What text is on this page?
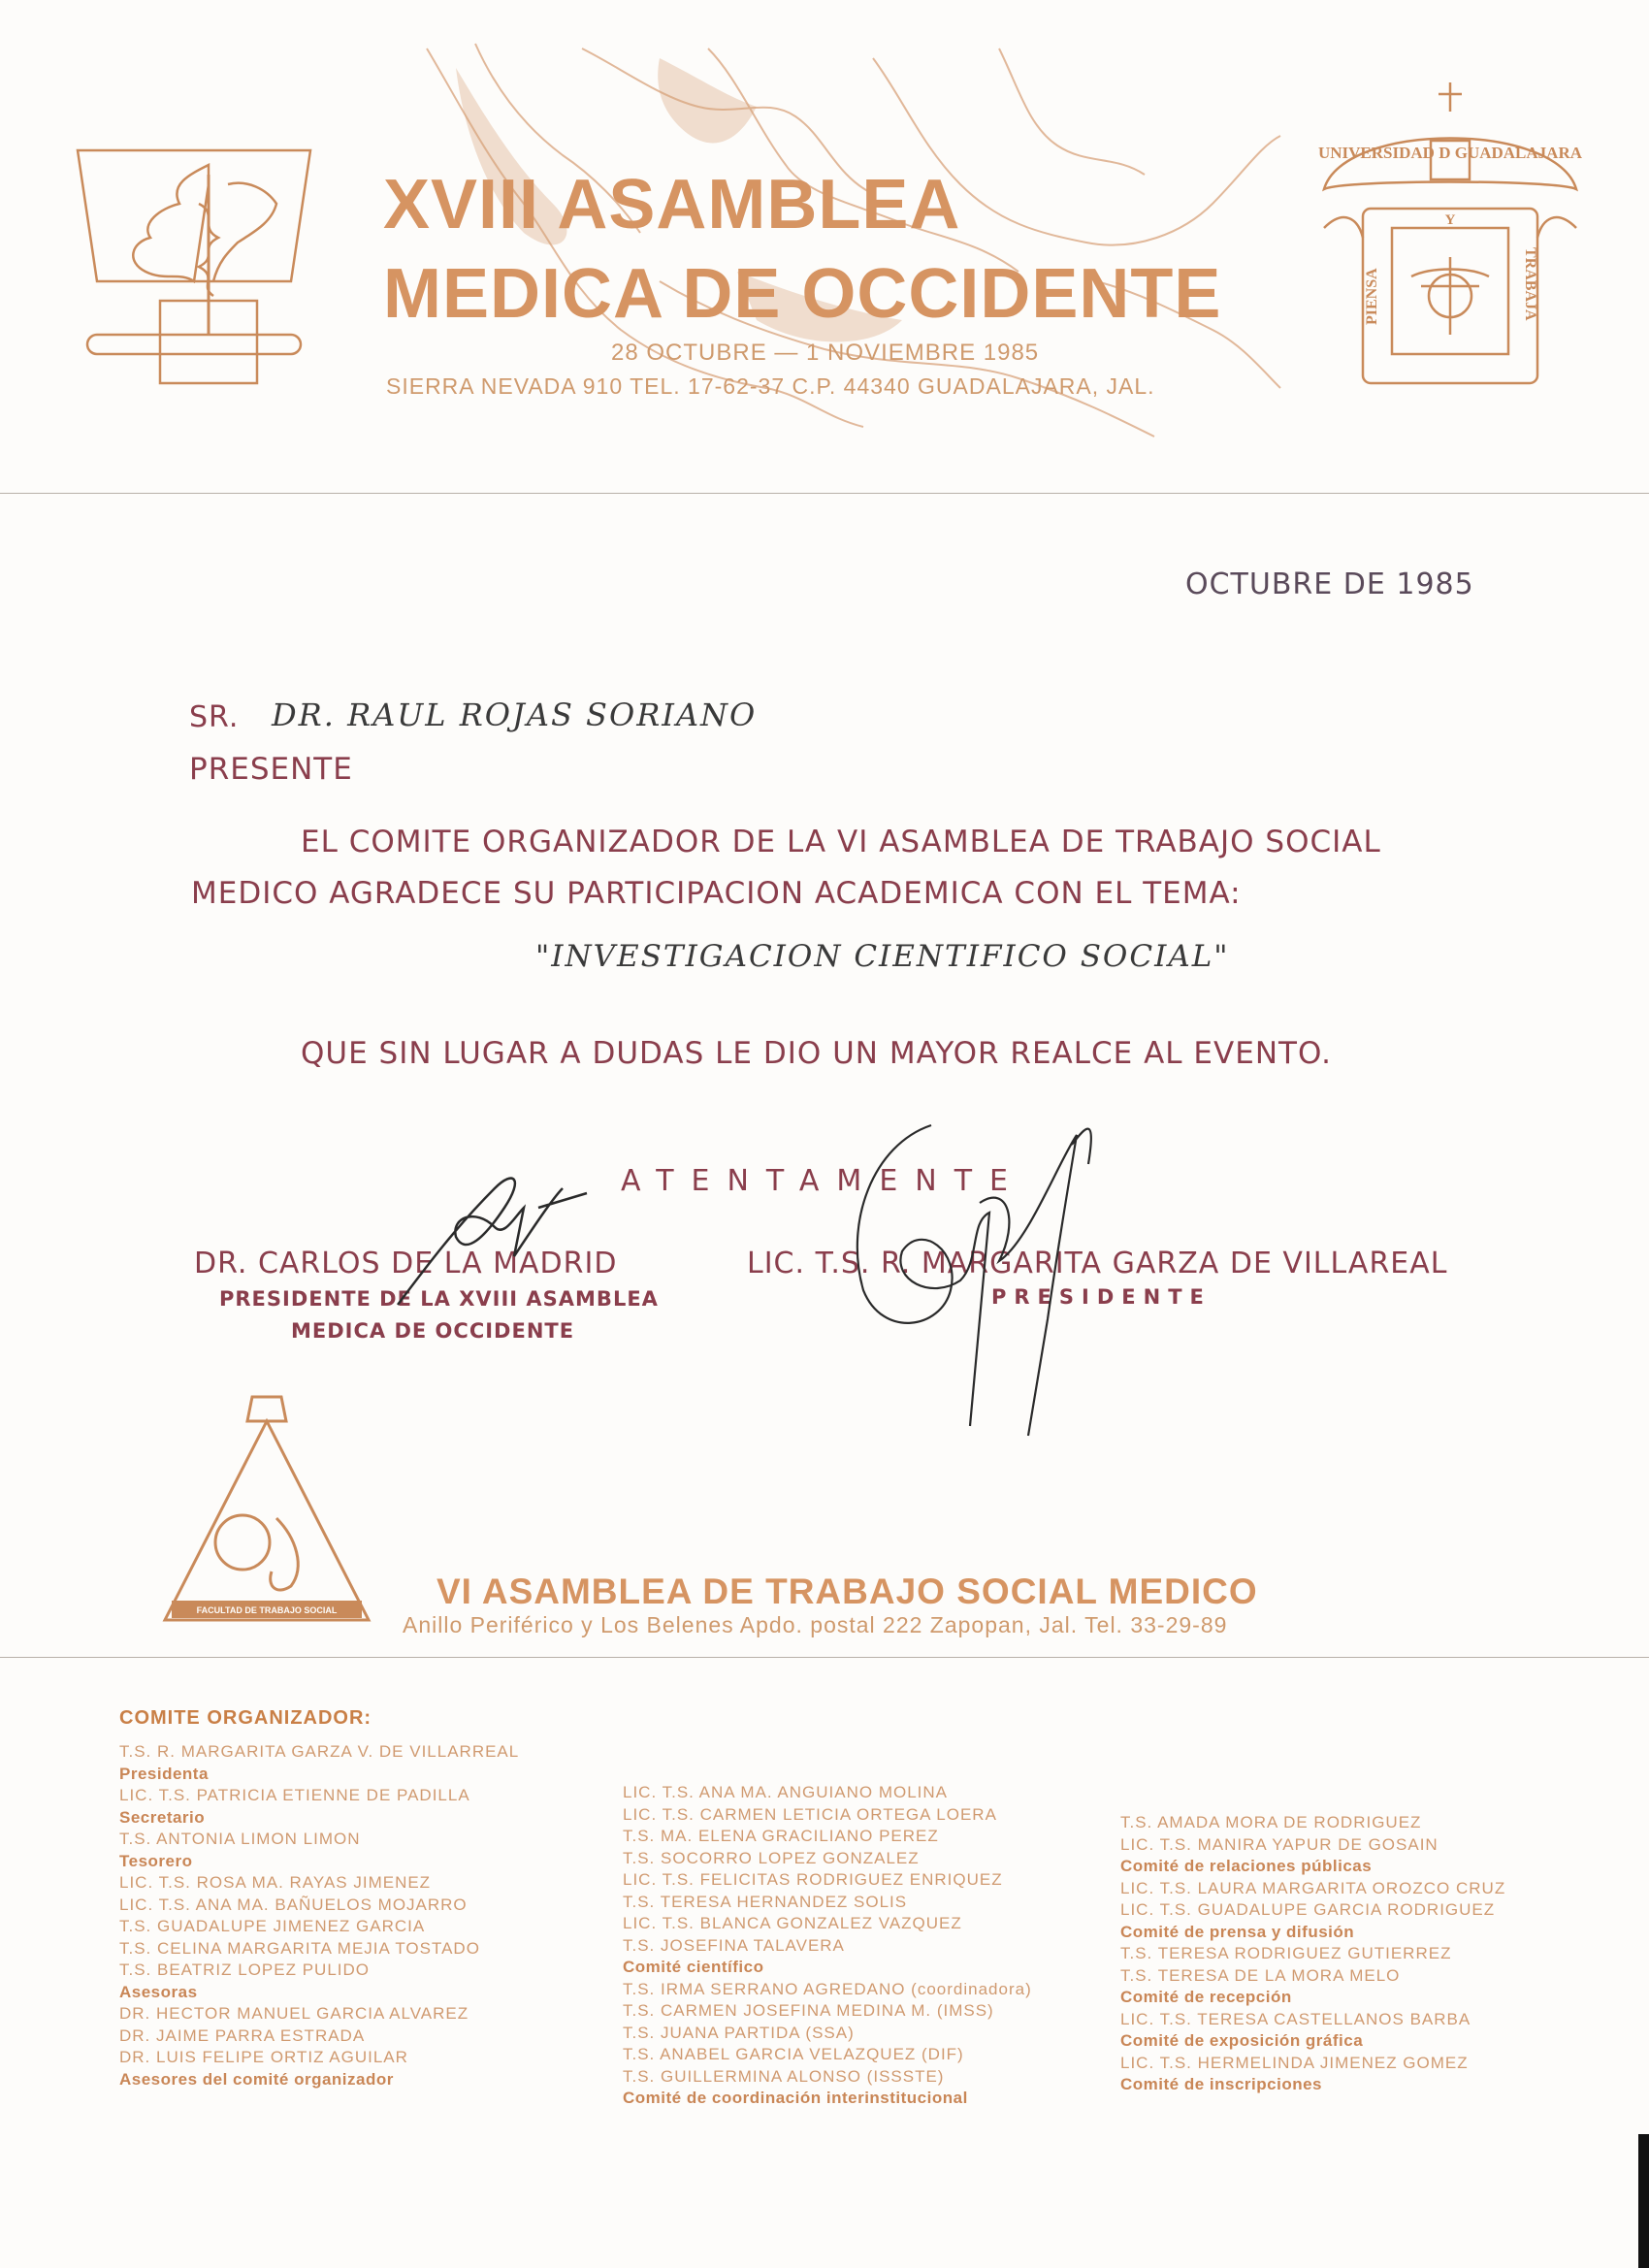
XVIII ASAMBLEA
MEDICA DE OCCIDENTE
28 OCTUBRE — 1 NOVIEMBRE 1985
SIERRA NEVADA 910 TEL. 17-62-37 C.P. 44340 GUADALAJARA, JAL.
UNIVERSIDAD D GUADALAJARA
PIENSA	TRABAJA
Y
OCTUBRE DE 1985
SR. DR. RAUL ROJAS SORIANO
PRESENTE
EL COMITE ORGANIZADOR DE LA VI ASAMBLEA DE TRABAJO SOCIAL
MEDICO AGRADECE SU PARTICIPACION ACADEMICA CON EL TEMA:
"INVESTIGACION CIENTIFICO SOCIAL"
QUE SIN LUGAR A DUDAS LE DIO UN MAYOR REALCE AL EVENTO.
ATENTAMENTE
DR. CARLOS DE LA MADRID
PRESIDENTE DE LA XVIII ASAMBLEA
MEDICA DE OCCIDENTE
LIC. T.S. R. MARGARITA GARZA DE VILLAREAL
PRESIDENTE
FACULTAD DE TRABAJO SOCIAL	VI ASAMBLEA DE TRABAJO SOCIAL MEDICO
Anillo Periférico y Los Belenes Apdo. postal 222 Zapopan, Jal. Tel. 33-29-89
COMITE ORGANIZADOR:
T.S. R. MARGARITA GARZA V. DE VILLARREAL
Presidenta
LIC. T.S. PATRICIA ETIENNE DE PADILLA
Secretario
T.S. ANTONIA LIMON LIMON
Tesorero
LIC. T.S. ROSA MA. RAYAS JIMENEZ
LIC. T.S. ANA MA. BAÑUELOS MOJARRO
T.S. GUADALUPE JIMENEZ GARCIA
T.S. CELINA MARGARITA MEJIA TOSTADO
T.S. BEATRIZ LOPEZ PULIDO
Asesoras
DR. HECTOR MANUEL GARCIA ALVAREZ
DR. JAIME PARRA ESTRADA
DR. LUIS FELIPE ORTIZ AGUILAR
Asesores del comité organizador
LIC. T.S. ANA MA. ANGUIANO MOLINA
LIC. T.S. CARMEN LETICIA ORTEGA LOERA
T.S. MA. ELENA GRACILIANO PEREZ
T.S. SOCORRO LOPEZ GONZALEZ
LIC. T.S. FELICITAS RODRIGUEZ ENRIQUEZ
T.S. TERESA HERNANDEZ SOLIS
LIC. T.S. BLANCA GONZALEZ VAZQUEZ
T.S. JOSEFINA TALAVERA
Comité científico
T.S. IRMA SERRANO AGREDANO (coordinadora)
T.S. CARMEN JOSEFINA MEDINA M. (IMSS)
T.S. JUANA PARTIDA (SSA)
T.S. ANABEL GARCIA VELAZQUEZ (DIF)
T.S. GUILLERMINA ALONSO (ISSSTE)
Comité de coordinación interinstitucional
T.S. AMADA MORA DE RODRIGUEZ
LIC. T.S. MANIRA YAPUR DE GOSAIN
Comité de relaciones públicas
LIC. T.S. LAURA MARGARITA OROZCO CRUZ
LIC. T.S. GUADALUPE GARCIA RODRIGUEZ
Comité de prensa y difusión
T.S. TERESA RODRIGUEZ GUTIERREZ
T.S. TERESA DE LA MORA MELO
Comité de recepción
LIC. T.S. TERESA CASTELLANOS BARBA
Comité de exposición gráfica
LIC. T.S. HERMELINDA JIMENEZ GOMEZ
Comité de inscripciones
